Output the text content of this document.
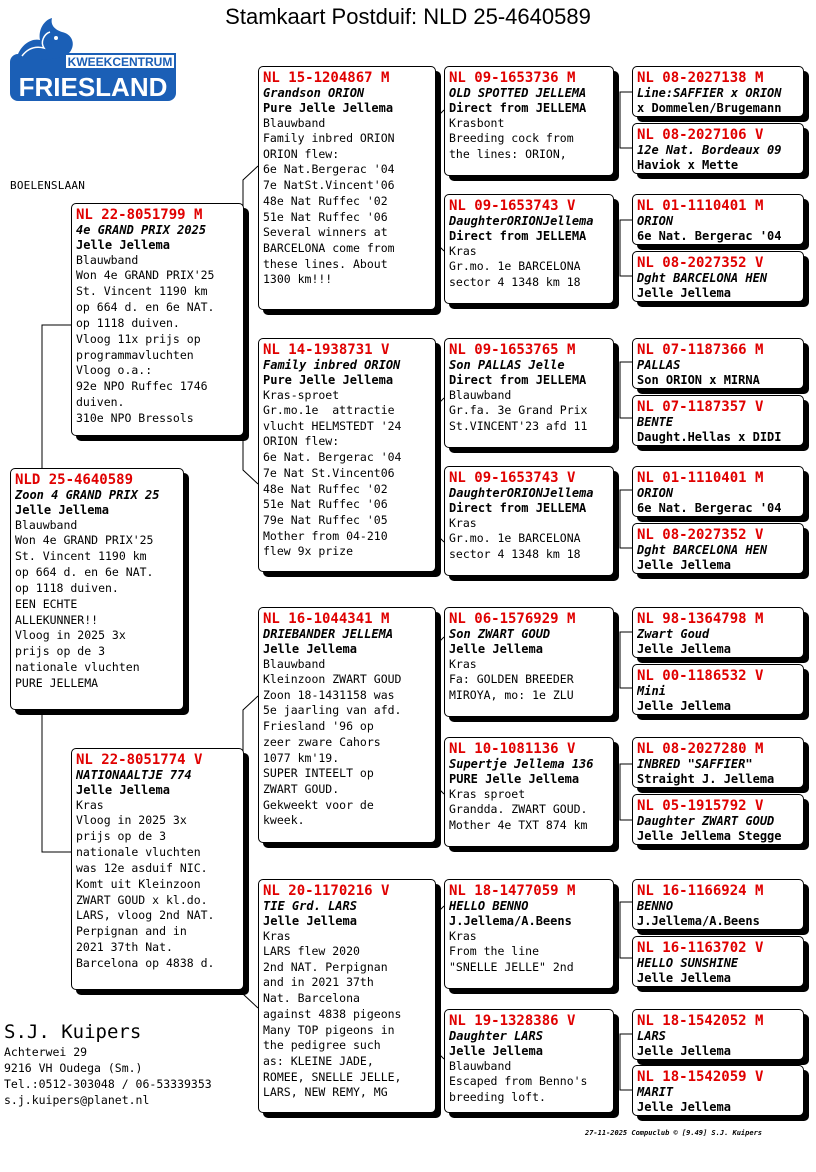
Stamkaart Postduif: NLD 25-4640589
KWEEKCENTRUM
FRIESLAND
BOELENSLAAN
NLD 25-4640589
Zoon 4 GRAND PRIX 25
Jelle Jellema
Blauwband
Won 4e GRAND PRIX'25
St. Vincent 1190 km
op 664 d. en 6e NAT.
op 1118 duiven.
EEN ECHTE
ALLEKUNNER!!
Vloog in 2025 3x
prijs op de 3
nationale vluchten
PURE JELLEMA
NL 22-8051799 M
4e GRAND PRIX 2025
Jelle Jellema
Blauwband
Won 4e GRAND PRIX'25
St. Vincent 1190 km
op 664 d. en 6e NAT.
op 1118 duiven.
Vloog 11x prijs op
programmavluchten
Vloog o.a.:
92e NPO Ruffec 1746
duiven.
310e NPO Bressols
NL 22-8051774 V
NATIONAALTJE 774
Jelle Jellema
Kras
Vloog in 2025 3x
prijs op de 3
nationale vluchten
was 12e asduif NIC.
Komt uit Kleinzoon
ZWART GOUD x kl.do.
LARS, vloog 2nd NAT.
Perpignan and in
2021 37th Nat.
Barcelona op 4838 d.
NL 15-1204867 M
Grandson ORION
Pure Jelle Jellema
Blauwband
Family inbred ORION
ORION flew:
6e Nat.Bergerac '04
7e NatSt.Vincent'06
48e Nat Ruffec '02
51e Nat Ruffec '06
Several winners at
BARCELONA come from
these lines. About
1300 km!!!
NL 14-1938731 V
Family inbred ORION
Pure Jelle Jellema
Kras-sproet
Gr.mo.1e  attractie
vlucht HELMSTEDT '24
ORION flew:
6e Nat. Bergerac '04
7e Nat St.Vincent06
48e Nat Ruffec '02
51e Nat Ruffec '06
79e Nat Ruffec '05
Mother from 04-210
flew 9x prize
NL 16-1044341 M
DRIEBANDER JELLEMA
Jelle Jellema
Blauwband
Kleinzoon ZWART GOUD
Zoon 18-1431158 was
5e jaarling van afd.
Friesland '96 op
zeer zware Cahors
1077 km'19.
SUPER INTEELT op
ZWART GOUD.
Gekweekt voor de
kweek.
NL 20-1170216 V
TIE Grd. LARS
Jelle Jellema
Kras
LARS flew 2020
2nd NAT. Perpignan
and in 2021 37th
Nat. Barcelona
against 4838 pigeons
Many TOP pigeons in
the pedigree such
as: KLEINE JADE,
ROMEE, SNELLE JELLE,
LARS, NEW REMY, MG
NL 09-1653736 M
OLD SPOTTED JELLEMA
Direct from JELLEMA
Krasbont
Breeding cock from
the lines: ORION,
NL 09-1653743 V
DaughterORIONJellema
Direct from JELLEMA
Kras
Gr.mo. 1e BARCELONA
sector 4 1348 km 18
NL 09-1653765 M
Son PALLAS Jelle
Direct from JELLEMA
Blauwband
Gr.fa. 3e Grand Prix
St.VINCENT'23 afd 11
NL 09-1653743 V
DaughterORIONJellema
Direct from JELLEMA
Kras
Gr.mo. 1e BARCELONA
sector 4 1348 km 18
NL 06-1576929 M
Son ZWART GOUD
Jelle Jellema
Kras
Fa: GOLDEN BREEDER
MIROYA, mo: 1e ZLU
NL 10-1081136 V
Supertje Jellema 136
PURE Jelle Jellema
Kras sproet
Grandda. ZWART GOUD.
Mother 4e TXT 874 km
NL 18-1477059 M
HELLO BENNO
J.Jellema/A.Beens
Kras
From the line
"SNELLE JELLE" 2nd
NL 19-1328386 V
Daughter LARS
Jelle Jellema
Blauwband
Escaped from Benno's
breeding loft.
NL 08-2027138 M
Line:SAFFIER x ORION
x Dommelen/Brugemann
NL 08-2027106 V
12e Nat. Bordeaux 09
Haviok x Mette
NL 01-1110401 M
ORION
6e Nat. Bergerac '04
NL 08-2027352 V
Dght BARCELONA HEN
Jelle Jellema
NL 07-1187366 M
PALLAS
Son ORION x MIRNA
NL 07-1187357 V
BENTE
Daught.Hellas x DIDI
NL 01-1110401 M
ORION
6e Nat. Bergerac '04
NL 08-2027352 V
Dght BARCELONA HEN
Jelle Jellema
NL 98-1364798 M
Zwart Goud
Jelle Jellema
NL 00-1186532 V
Mini
Jelle Jellema
NL 08-2027280 M
INBRED "SAFFIER"
Straight J. Jellema
NL 05-1915792 V
Daughter ZWART GOUD
Jelle Jellema Stegge
NL 16-1166924 M
BENNO
J.Jellema/A.Beens
NL 16-1163702 V
HELLO SUNSHINE
Jelle Jellema
NL 18-1542052 M
LARS
Jelle Jellema
NL 18-1542059 V
MARIT
Jelle Jellema
S.J. Kuipers
Achterwei 29
9216 VH Oudega (Sm.)
Tel.:0512-303048 / 06-53339353
s.j.kuipers@planet.nl
27-11-2025 Compuclub © [9.49] S.J. Kuipers
